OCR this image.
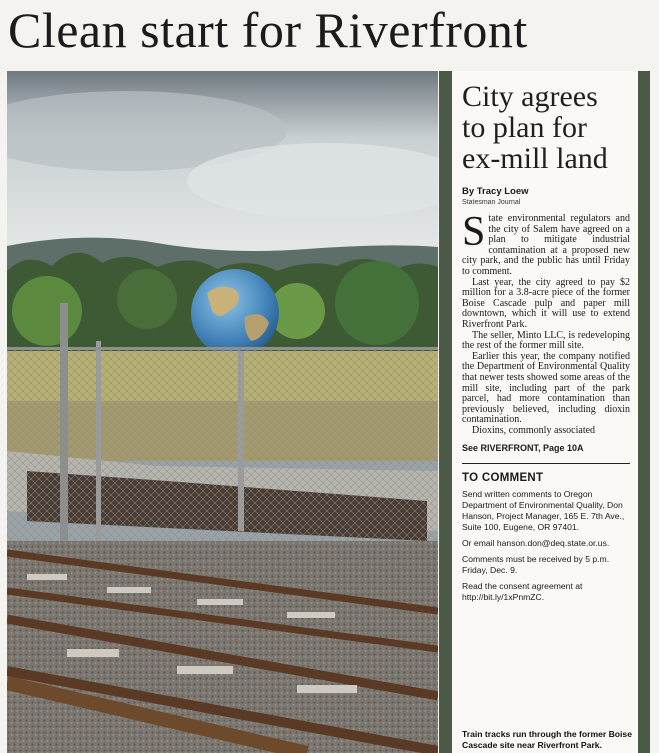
Clean start for Riverfront
City agrees
to plan for
ex-mill land

By Tracy Loew

Statesman Journal

State environmental regulators and the city of Salem have agreed on a plan to mitigate industrial contamination at a proposed new city park, and the public has until Friday to comment.

Last year, the city agreed to pay $2 million for a 3.8-acre piece of the former Boise Cascade pulp and paper mill downtown, which it will use to extend Riverfront Park.

The seller, Minto LLC, is redeveloping the rest of the former mill site.

Earlier this year, the company notified the Department of Environmental Quality that newer tests showed some areas of the mill site, including part of the park parcel, had more contamination than previously believed, including dioxin contamination.

Dioxins, commonly associated

See RIVERFRONT, Page 10A
TO COMMENT

Send written comments to Oregon Department of Environmental Quality, Don Hanson, Project Manager, 165 E. 7th Ave., Suite 100, Eugene, OR 97401.

Or email hanson.don@deq.state.or.us.

Comments must be received by 5 p.m. Friday, Dec. 9.

Read the consent agreement at http://bit.ly/1xPnmZC.

Train tracks run through the former Boise Cascade site near Riverfront Park.
